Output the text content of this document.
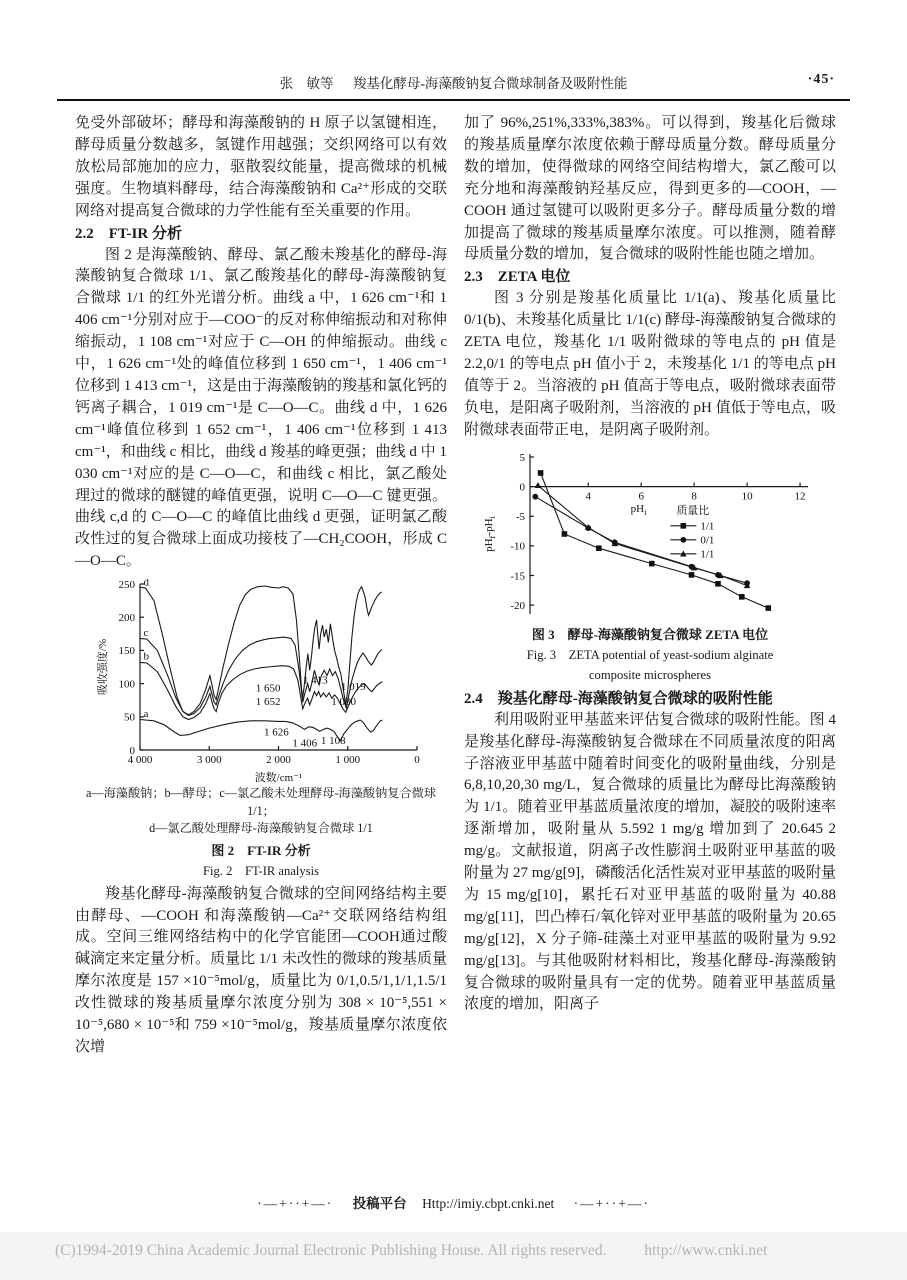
张　敏等 羧基化酵母-海藻酸钠复合微球制备及吸附性能	·45·

免受外部破坏；酵母和海藻酸钠的 H 原子以氢键相连，酵母质量分数越多，氢键作用越强；交织网络可以有效放松局部施加的应力，驱散裂纹能量，提高微球的机械强度。生物填料酵母，结合海藻酸钠和 Ca²⁺形成的交联网络对提高复合微球的力学性能有至关重要的作用。

2.2　FT-IR 分析

图 2 是海藻酸钠、酵母、氯乙酸未羧基化的酵母-海藻酸钠复合微球 1/1、氯乙酸羧基化的酵母-海藻酸钠复合微球 1/1 的红外光谱分析。曲线 a 中，1 626 cm⁻¹和 1 406 cm⁻¹分别对应于—COO⁻的反对称伸缩振动和对称伸缩振动，1 108 cm⁻¹对应于 C—OH 的伸缩振动。曲线 c 中，1 626 cm⁻¹处的峰值位移到 1 650 cm⁻¹，1 406 cm⁻¹位移到 1 413 cm⁻¹，这是由于海藻酸钠的羧基和氯化钙的钙离子耦合，1 019 cm⁻¹是 C—O—C。曲线 d 中，1 626 cm⁻¹峰值位移到 1 652 cm⁻¹，1 406 cm⁻¹位移到 1 413 cm⁻¹，和曲线 c 相比，曲线 d 羧基的峰更强；曲线 d 中 1 030 cm⁻¹对应的是 C—O—C，和曲线 c 相比，氯乙酸处理过的微球的醚键的峰值更强，说明 C—O—C 键更强。曲线 c,d 的 C—O—C 的峰值比曲线 d 更强，证明氯乙酸改性过的复合微球上面成功接枝了—CH₂COOH，形成 C—O—C。

4 000	3 000	2 000	1 000	0
0
50
100
150
200
250
1 650
1 652
1 413
1 019
1 030
1 626
1 406 1 108
d
c
b
a
波数/cm⁻¹
吸收强度/%
a—海藻酸钠；b—酵母；c—氯乙酸未处理酵母-海藻酸钠复合微球 1/1；
d—氯乙酸处理酵母-海藻酸钠复合微球 1/1
图 2　FT-IR 分析
Fig. 2　FT-IR analysis

羧基化酵母-海藻酸钠复合微球的空间网络结构主要由酵母、—COOH 和海藻酸钠—Ca²⁺交联网络结构组成。空间三维网络结构中的化学官能团—COOH通过酸碱滴定来定量分析。质量比 1/1 未改性的微球的羧基质量摩尔浓度是 157 ×10⁻⁵mol/g，质量比为 0/1,0.5/1,1/1,1.5/1 改性微球的羧基质量摩尔浓度分别为 308 × 10⁻⁵,551 × 10⁻⁵,680 × 10⁻⁵和 759 ×10⁻⁵mol/g，羧基质量摩尔浓度依次增

加了 96%,251%,333%,383%。可以得到，羧基化后微球的羧基质量摩尔浓度依赖于酵母质量分数。酵母质量分数的增加，使得微球的网络空间结构增大，氯乙酸可以充分地和海藻酸钠羟基反应，得到更多的—COOH，—COOH 通过氢键可以吸附更多分子。酵母质量分数的增加提高了微球的羧基质量摩尔浓度。可以推测，随着酵母质量分数的增加，复合微球的吸附性能也随之增加。

2.3　ZETA 电位

图 3 分别是羧基化质量比 1/1(a)、羧基化质量比 0/1(b)、未羧基化质量比 1/1(c) 酵母-海藻酸钠复合微球的 ZETA 电位，羧基化 1/1 吸附微球的等电点的 pH 值是 2.2,0/1 的等电点 pH 值小于 2，未羧基化 1/1 的等电点 pH 值等于 2。当溶液的 pH 值高于等电点，吸附微球表面带负电，是阳离子吸附剂，当溶液的 pH 值低于等电点，吸附微球表面带正电，是阴离子吸附剂。

4	6	8	10	12
5
0
-5
-10
-15
-20
$pH_i$
$pH_f-pH_i$
质量比
1/1
0/1
1/1
图 3　酵母-海藻酸钠复合微球 ZETA 电位
Fig. 3　ZETA potential of yeast-sodium alginate
composite microspheres
2.4　羧基化酵母-海藻酸钠复合微球的吸附性能

利用吸附亚甲基蓝来评估复合微球的吸附性能。图 4 是羧基化酵母-海藻酸钠复合微球在不同质量浓度的阳离子溶液亚甲基蓝中随着时间变化的吸附量曲线，分别是 6,8,10,20,30 mg/L，复合微球的质量比为酵母比海藻酸钠为 1/1。随着亚甲基蓝质量浓度的增加，凝胶的吸附速率逐渐增加，吸附量从 5.592 1 mg/g 增加到了 20.645 2 mg/g。文献报道，阴离子改性膨润土吸附亚甲基蓝的吸附量为 27 mg/g[9]，磷酸活化活性炭对亚甲基蓝的吸附量为 15 mg/g[10]，累托石对亚甲基蓝的吸附量为 40.88 mg/g[11]，凹凸棒石/氧化锌对亚甲基蓝的吸附量为 20.65 mg/g[12]，X 分子筛-硅藻土对亚甲基蓝的吸附量为 9.92 mg/g[13]。与其他吸附材料相比，羧基化酵母-海藻酸钠复合微球的吸附量具有一定的优势。随着亚甲基蓝质量浓度的增加，阳离子

·—+··+—· 投稿平台 Http://imiy.cbpt.cnki.net ·—+··+—·
(C)1994-2019 China Academic Journal Electronic Publishing House. All rights reserved. http://www.cnki.net
